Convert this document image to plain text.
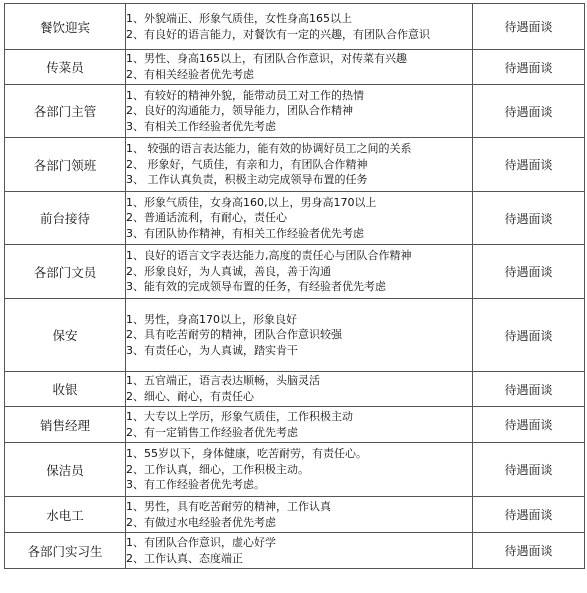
餐饮迎宾	1、外貌端正、形象气质佳，女性身高165以上
2、有良好的语言能力，对餐饮有一定的兴趣，有团队合作意识	待遇面谈
传菜员	1、男性、身高165以上，有团队合作意识，对传菜有兴趣
2、有相关经验者优先考虑	待遇面谈
各部门主管	1、有较好的精神外貌，能带动员工对工作的热情
2、良好的沟通能力，领导能力，团队合作精神
3、有相关工作经验者优先考虑	待遇面谈
各部门领班	1、 较强的语言表达能力，能有效的协调好员工之间的关系
2、 形象好，气质佳，有亲和力，有团队合作精神
3、 工作认真负责，积极主动完成领导布置的任务	待遇面谈
前台接待	1、形象气质佳，女身高160,以上，男身高170以上
2、普通话流利，有耐心，责任心
3、有团队协作精神，有相关工作经验者优先考虑	待遇面谈
各部门文员	1、良好的语言文字表达能力,高度的责任心与团队合作精神
2、形象良好，为人真诚，善良，善于沟通
3、能有效的完成领导布置的任务，有经验者优先考虑	待遇面谈
保安	1、男性，身高170以上，形象良好
2、具有吃苦耐劳的精神，团队合作意识较强
3、有责任心，为人真诚，踏实肯干	待遇面谈
收银	1、五官端正，语言表达顺畅，头脑灵活
2、细心、耐心，有责任心	待遇面谈
销售经理	1、大专以上学历，形象气质佳，工作积极主动
2、有一定销售工作经验者优先考虑	待遇面谈
保洁员	1、55岁以下，身体健康，吃苦耐劳，有责任心。
2、工作认真，细心，工作积极主动。
3、有工作经验者优先考虑。	待遇面谈
水电工	1、男性，具有吃苦耐劳的精神，工作认真
2、有做过水电经验者优先考虑	待遇面谈
各部门实习生	1、有团队合作意识，虚心好学
2、工作认真、态度端正	待遇面谈
